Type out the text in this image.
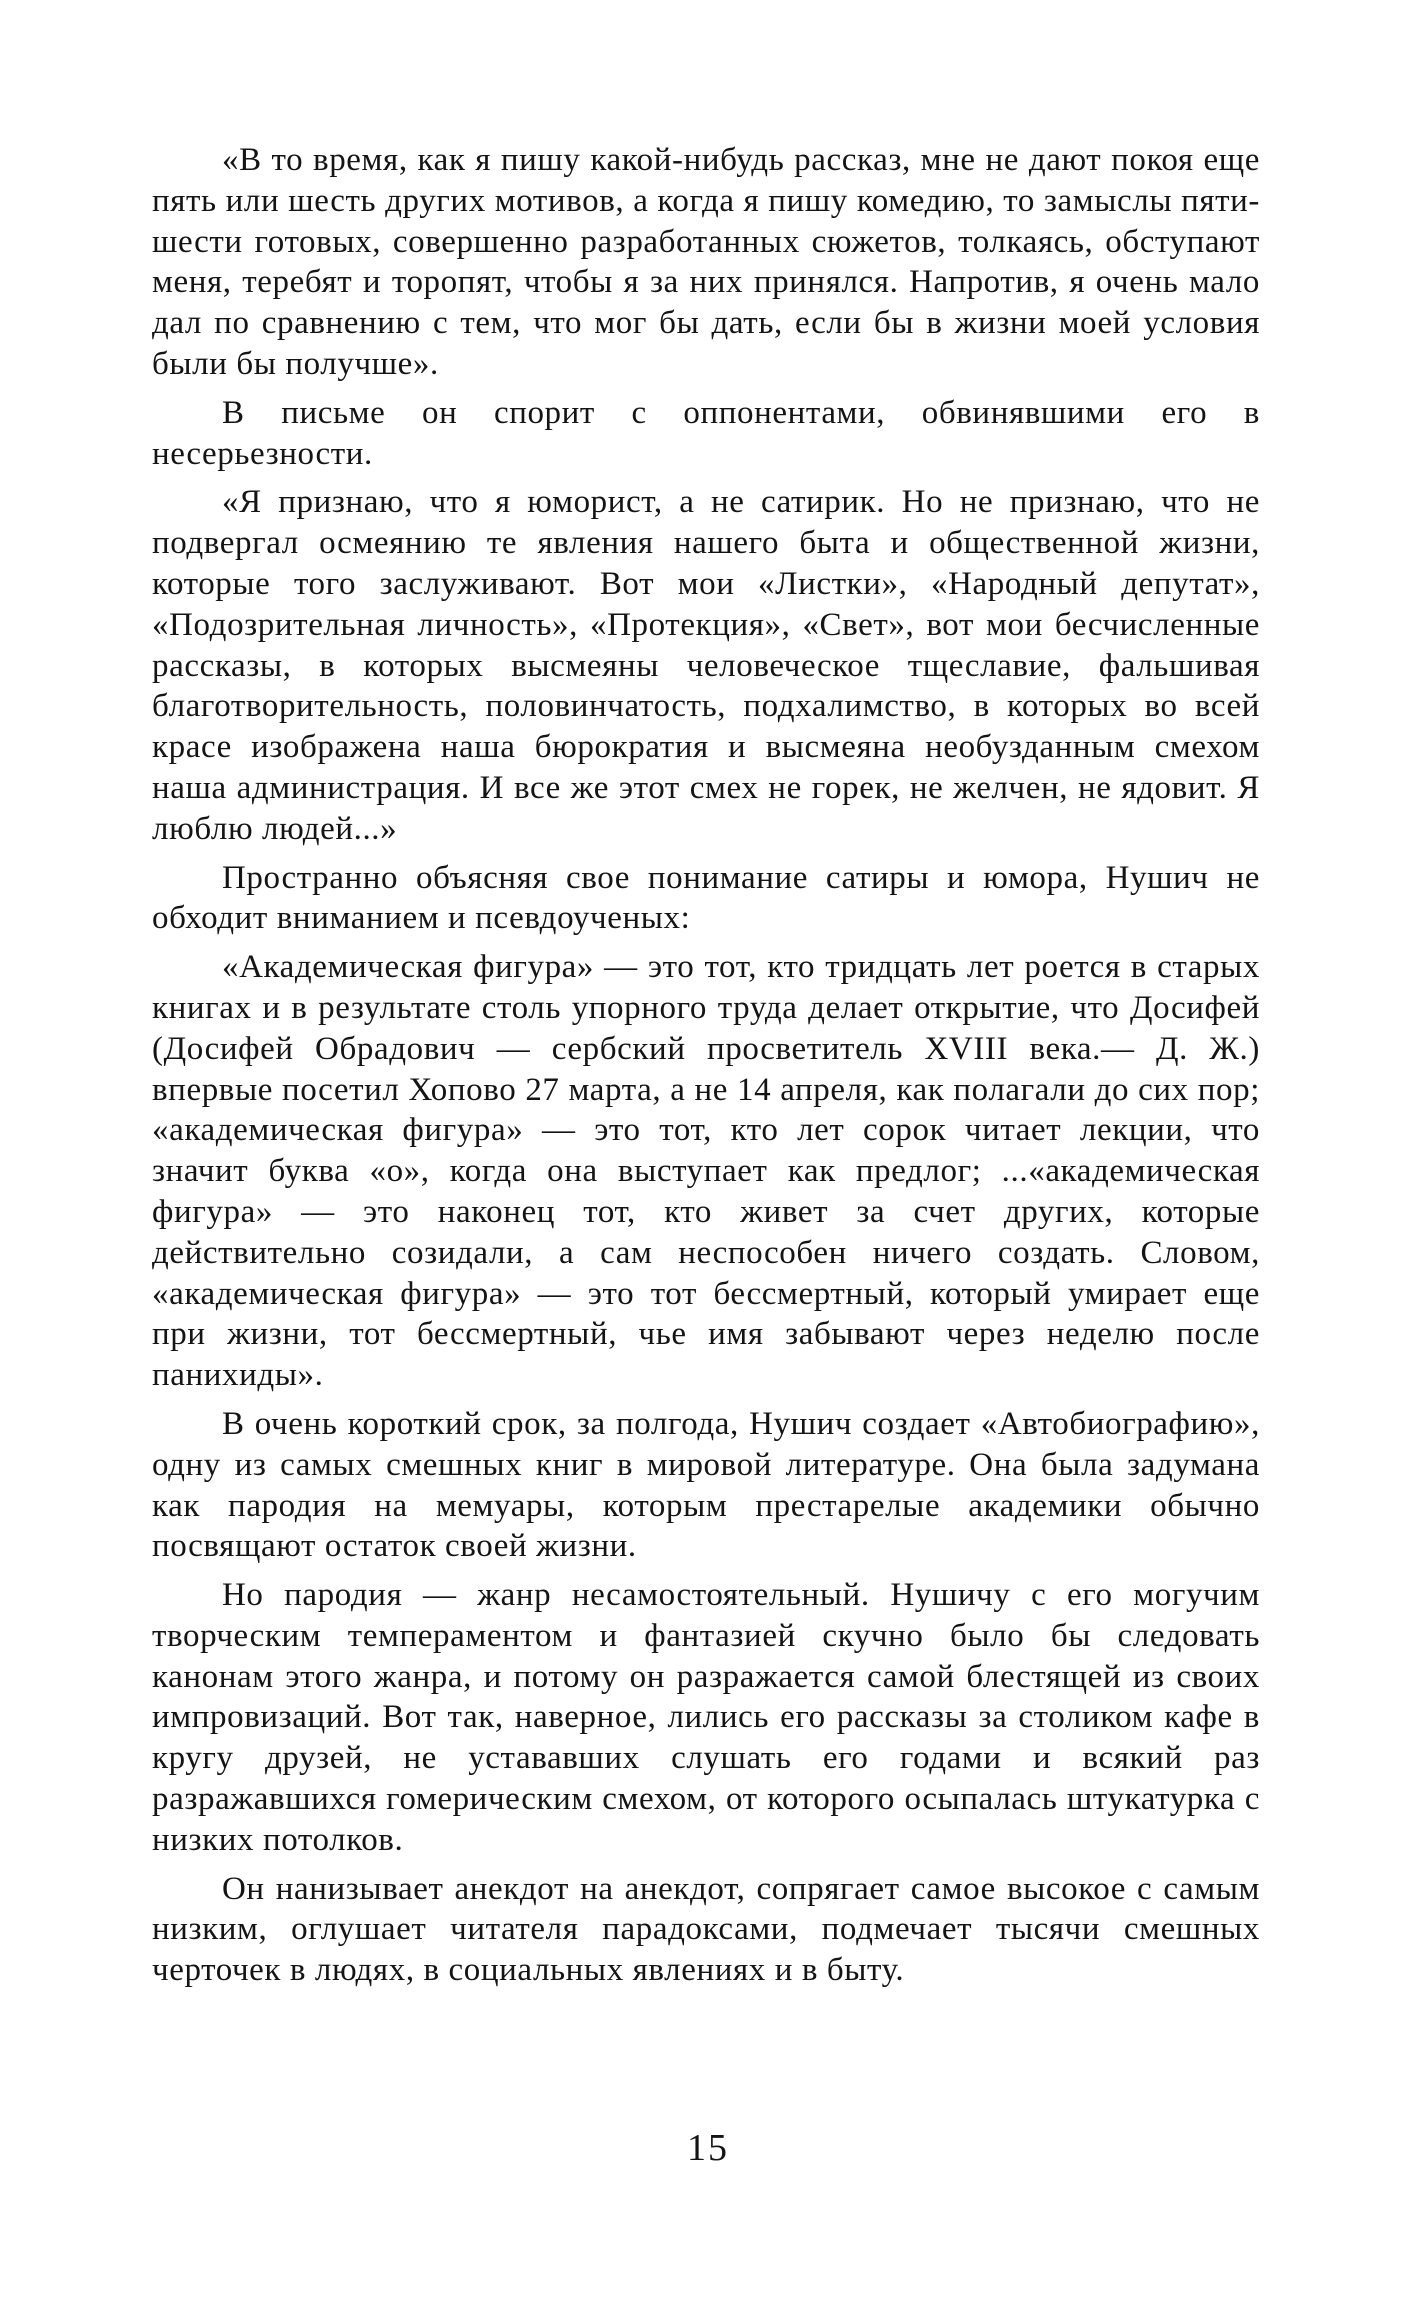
«В то время, как я пишу какой-нибудь рассказ, мне не дают покоя еще пять или шесть других мотивов, а когда я пишу комедию, то замыслы пяти-шести готовых, совершенно разработанных сюжетов, толкаясь, обступают меня, теребят и торопят, чтобы я за них принялся. Напротив, я очень мало дал по сравнению с тем, что мог бы дать, если бы в жизни моей условия были бы получше».

В письме он спорит с оппонентами, обвинявшими его в несерьезности.

«Я признаю, что я юморист, а не сатирик. Но не признаю, что не подвергал осмеянию те явления нашего быта и общественной жизни, которые того заслуживают. Вот мои «Листки», «Народный депутат», «Подозрительная личность», «Протекция», «Свет», вот мои бесчисленные рассказы, в которых высмеяны человеческое тщеславие, фальшивая благотворительность, половинчатость, подхалимство, в которых во всей красе изображена наша бюрократия и высмеяна необузданным смехом наша администрация. И все же этот смех не горек, не желчен, не ядовит. Я люблю людей...»

Пространно объясняя свое понимание сатиры и юмора, Нушич не обходит вниманием и псевдоученых:

«Академическая фигура» — это тот, кто тридцать лет роется в старых книгах и в результате столь упорного труда делает открытие, что Досифей (Досифей Обрадович — сербский просветитель XVIII века.— Д. Ж.) впервые посетил Хопово 27 марта, а не 14 апреля, как полагали до сих пор; «академическая фигура» — это тот, кто лет сорок читает лекции, что значит буква «о», когда она выступает как предлог; ...«академическая фигура» — это наконец тот, кто живет за счет других, которые действительно созидали, а сам неспособен ничего создать. Словом, «академическая фигура» — это тот бессмертный, который умирает еще при жизни, тот бессмертный, чье имя забывают через неделю после панихиды».

В очень короткий срок, за полгода, Нушич создает «Автобиографию», одну из самых смешных книг в мировой литературе. Она была задумана как пародия на мемуары, которым престарелые академики обычно посвящают остаток своей жизни.

Но пародия — жанр несамостоятельный. Нушичу с его могучим творческим темпераментом и фантазией скучно было бы следовать канонам этого жанра, и потому он разражается самой блестящей из своих импровизаций. Вот так, наверное, лились его рассказы за столиком кафе в кругу друзей, не устававших слушать его годами и всякий раз разражавшихся гомерическим смехом, от которого осыпалась штукатурка с низких потолков.

Он нанизывает анекдот на анекдот, сопрягает самое высокое с самым низким, оглушает читателя парадоксами, подмечает тысячи смешных черточек в людях, в социальных явлениях и в быту.

15
